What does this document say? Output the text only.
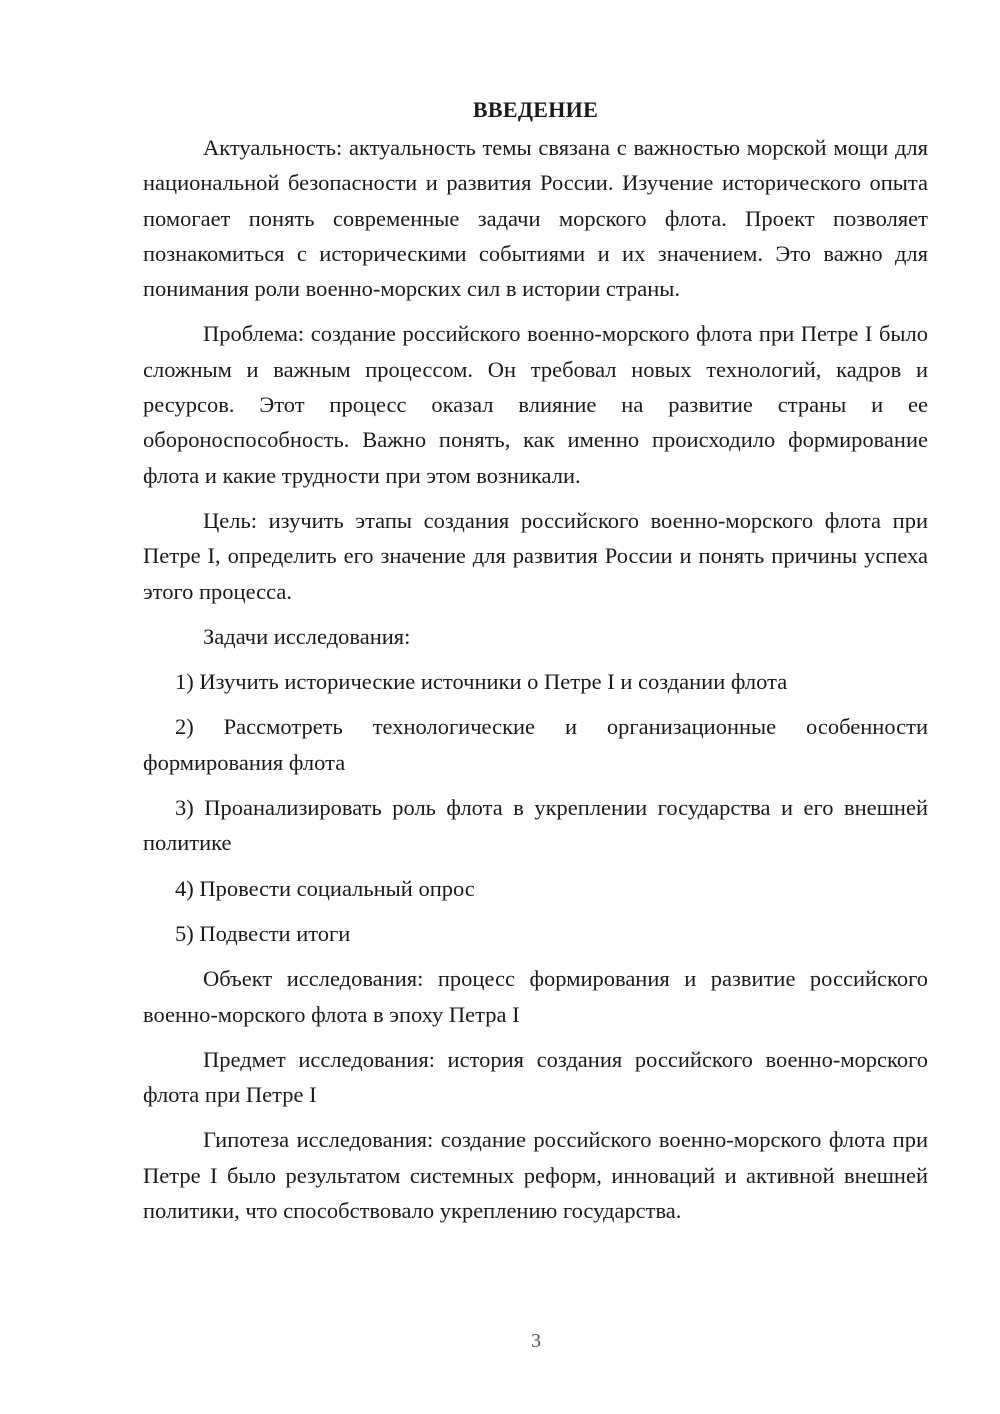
ВВЕДЕНИЕ

Актуальность: актуальность темы связана с важностью морской мощи для национальной безопасности и развития России. Изучение исторического опыта помогает понять современные задачи морского флота. Проект позволяет познакомиться с историческими событиями и их значением. Это важно для понимания роли военно-морских сил в истории страны.

Проблема: создание российского военно-морского флота при Петре I было сложным и важным процессом. Он требовал новых технологий, кадров и ресурсов. Этот процесс оказал влияние на развитие страны и ее обороноспособность. Важно понять, как именно происходило формирование флота и какие трудности при этом возникали.

Цель: изучить этапы создания российского военно-морского флота при Петре I, определить его значение для развития России и понять причины успеха этого процесса.

Задачи исследования:

1) Изучить исторические источники о Петре I и создании флота

2) Рассмотреть технологические и организационные особенности формирования флота

3) Проанализировать роль флота в укреплении государства и его внешней политике

4) Провести социальный опрос

5) Подвести итоги

Объект исследования: процесс формирования и развитие российского военно-морского флота в эпоху Петра I

Предмет исследования: история создания российского военно-морского флота при Петре I

Гипотеза исследования: создание российского военно-морского флота при Петре I было результатом системных реформ, инноваций и активной внешней политики, что способствовало укреплению государства.

3
